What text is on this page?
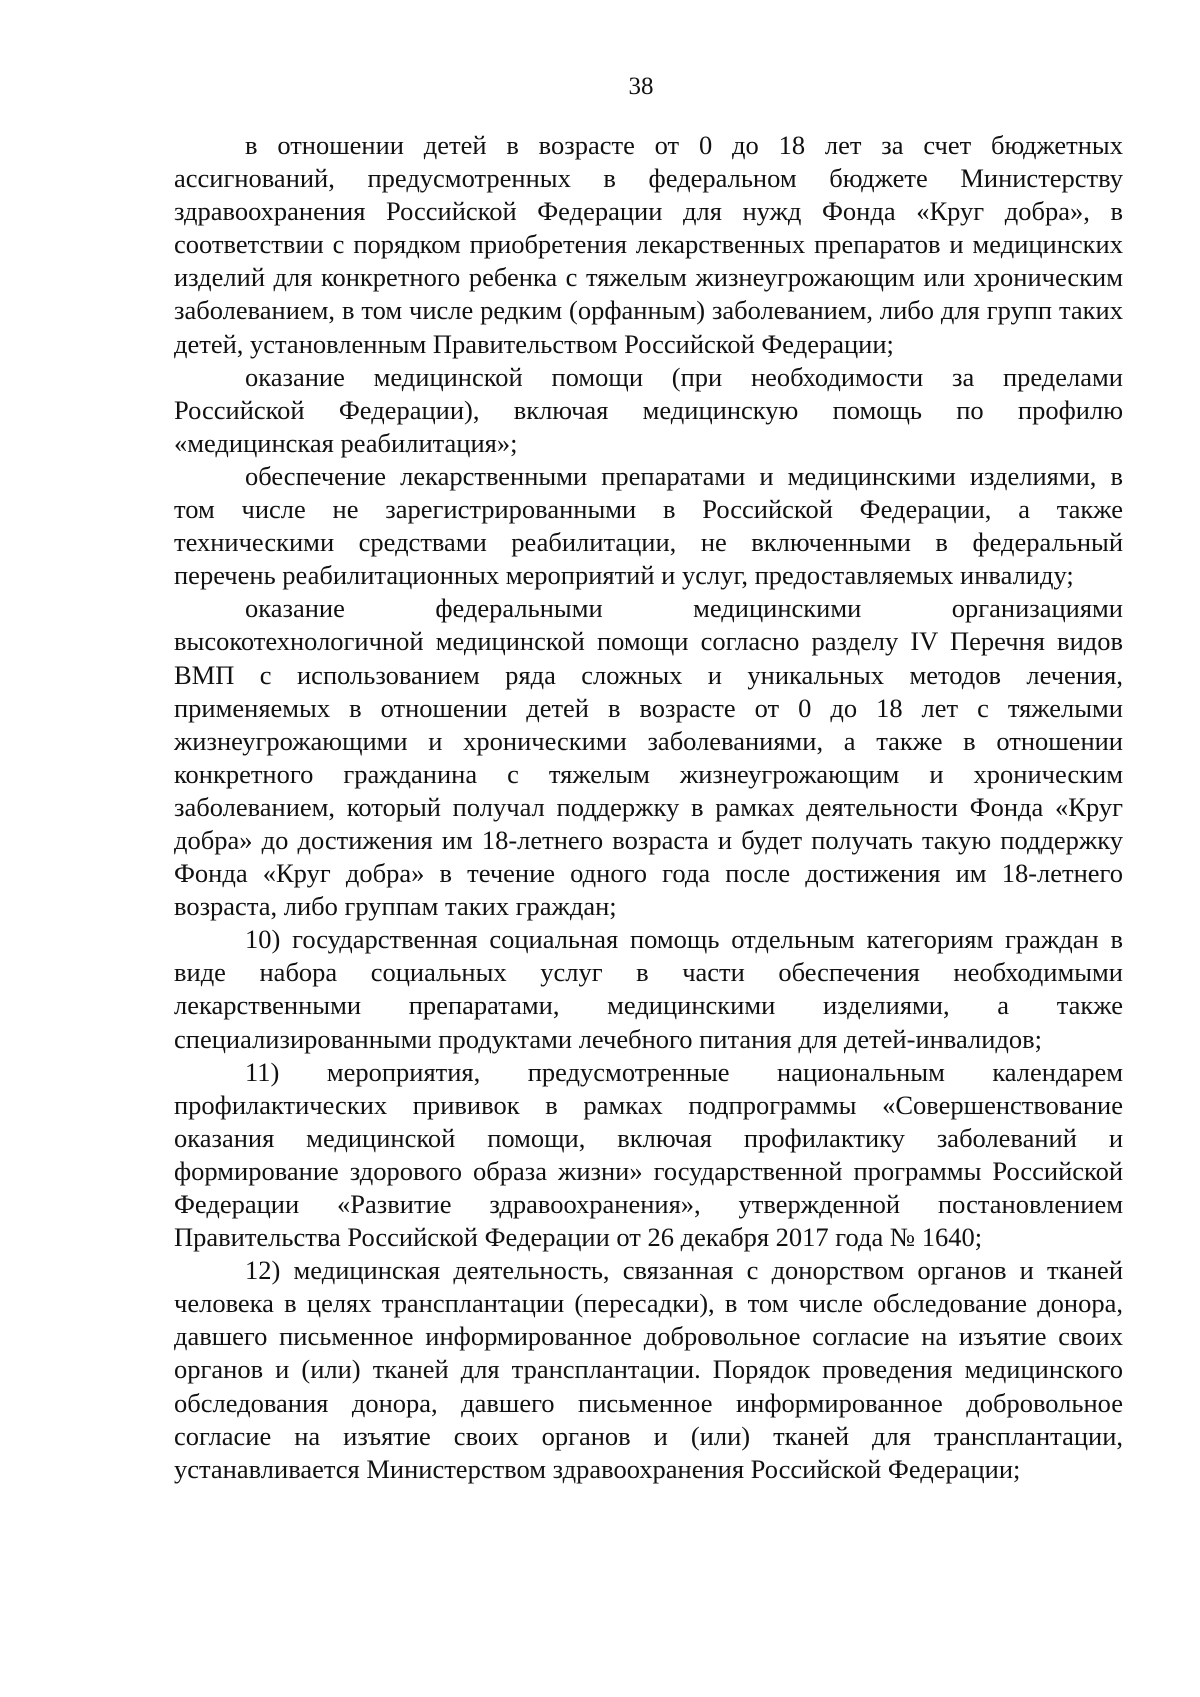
38

в отношении детей в возрасте от 0 до 18 лет за счет бюджетных ассигнований, предусмотренных в федеральном бюджете Министерству здравоохранения Российской Федерации для нужд Фонда «Круг добра», в соответствии с порядком приобретения лекарственных препаратов и медицинских изделий для конкретного ребенка с тяжелым жизнеугрожающим или хроническим заболеванием, в том числе редким (орфанным) заболеванием, либо для групп таких детей, установленным Правительством Российской Федерации;

оказание медицинской помощи (при необходимости за пределами Российской Федерации), включая медицинскую помощь по профилю «медицинская реабилитация»;

обеспечение лекарственными препаратами и медицинскими изделиями, в том числе не зарегистрированными в Российской Федерации, а также техническими средствами реабилитации, не включенными в федеральный перечень реабилитационных мероприятий и услуг, предоставляемых инвалиду;

оказание федеральными медицинскими организациями высокотехнологичной медицинской помощи согласно разделу IV Перечня видов ВМП с использованием ряда сложных и уникальных методов лечения, применяемых в отношении детей в возрасте от 0 до 18 лет с тяжелыми жизнеугрожающими и хроническими заболеваниями, а также в отношении конкретного гражданина с тяжелым жизнеугрожающим и хроническим заболеванием, который получал поддержку в рамках деятельности Фонда «Круг добра» до достижения им 18-летнего возраста и будет получать такую поддержку Фонда «Круг добра» в течение одного года после достижения им 18-летнего возраста, либо группам таких граждан;

10) государственная социальная помощь отдельным категориям граждан в виде набора социальных услуг в части обеспечения необходимыми лекарственными препаратами, медицинскими изделиями, а также специализированными продуктами лечебного питания для детей-инвалидов;

11) мероприятия, предусмотренные национальным календарем профилактических прививок в рамках подпрограммы «Совершенствование оказания медицинской помощи, включая профилактику заболеваний и формирование здорового образа жизни» государственной программы Российской Федерации «Развитие здравоохранения», утвержденной постановлением Правительства Российской Федерации от 26 декабря 2017 года № 1640;

12) медицинская деятельность, связанная с донорством органов и тканей человека в целях трансплантации (пересадки), в том числе обследование донора, давшего письменное информированное добровольное согласие на изъятие своих органов и (или) тканей для трансплантации. Порядок проведения медицинского обследования донора, давшего письменное информированное добровольное согласие на изъятие своих органов и (или) тканей для трансплантации, устанавливается Министерством здравоохранения Российской Федерации;
